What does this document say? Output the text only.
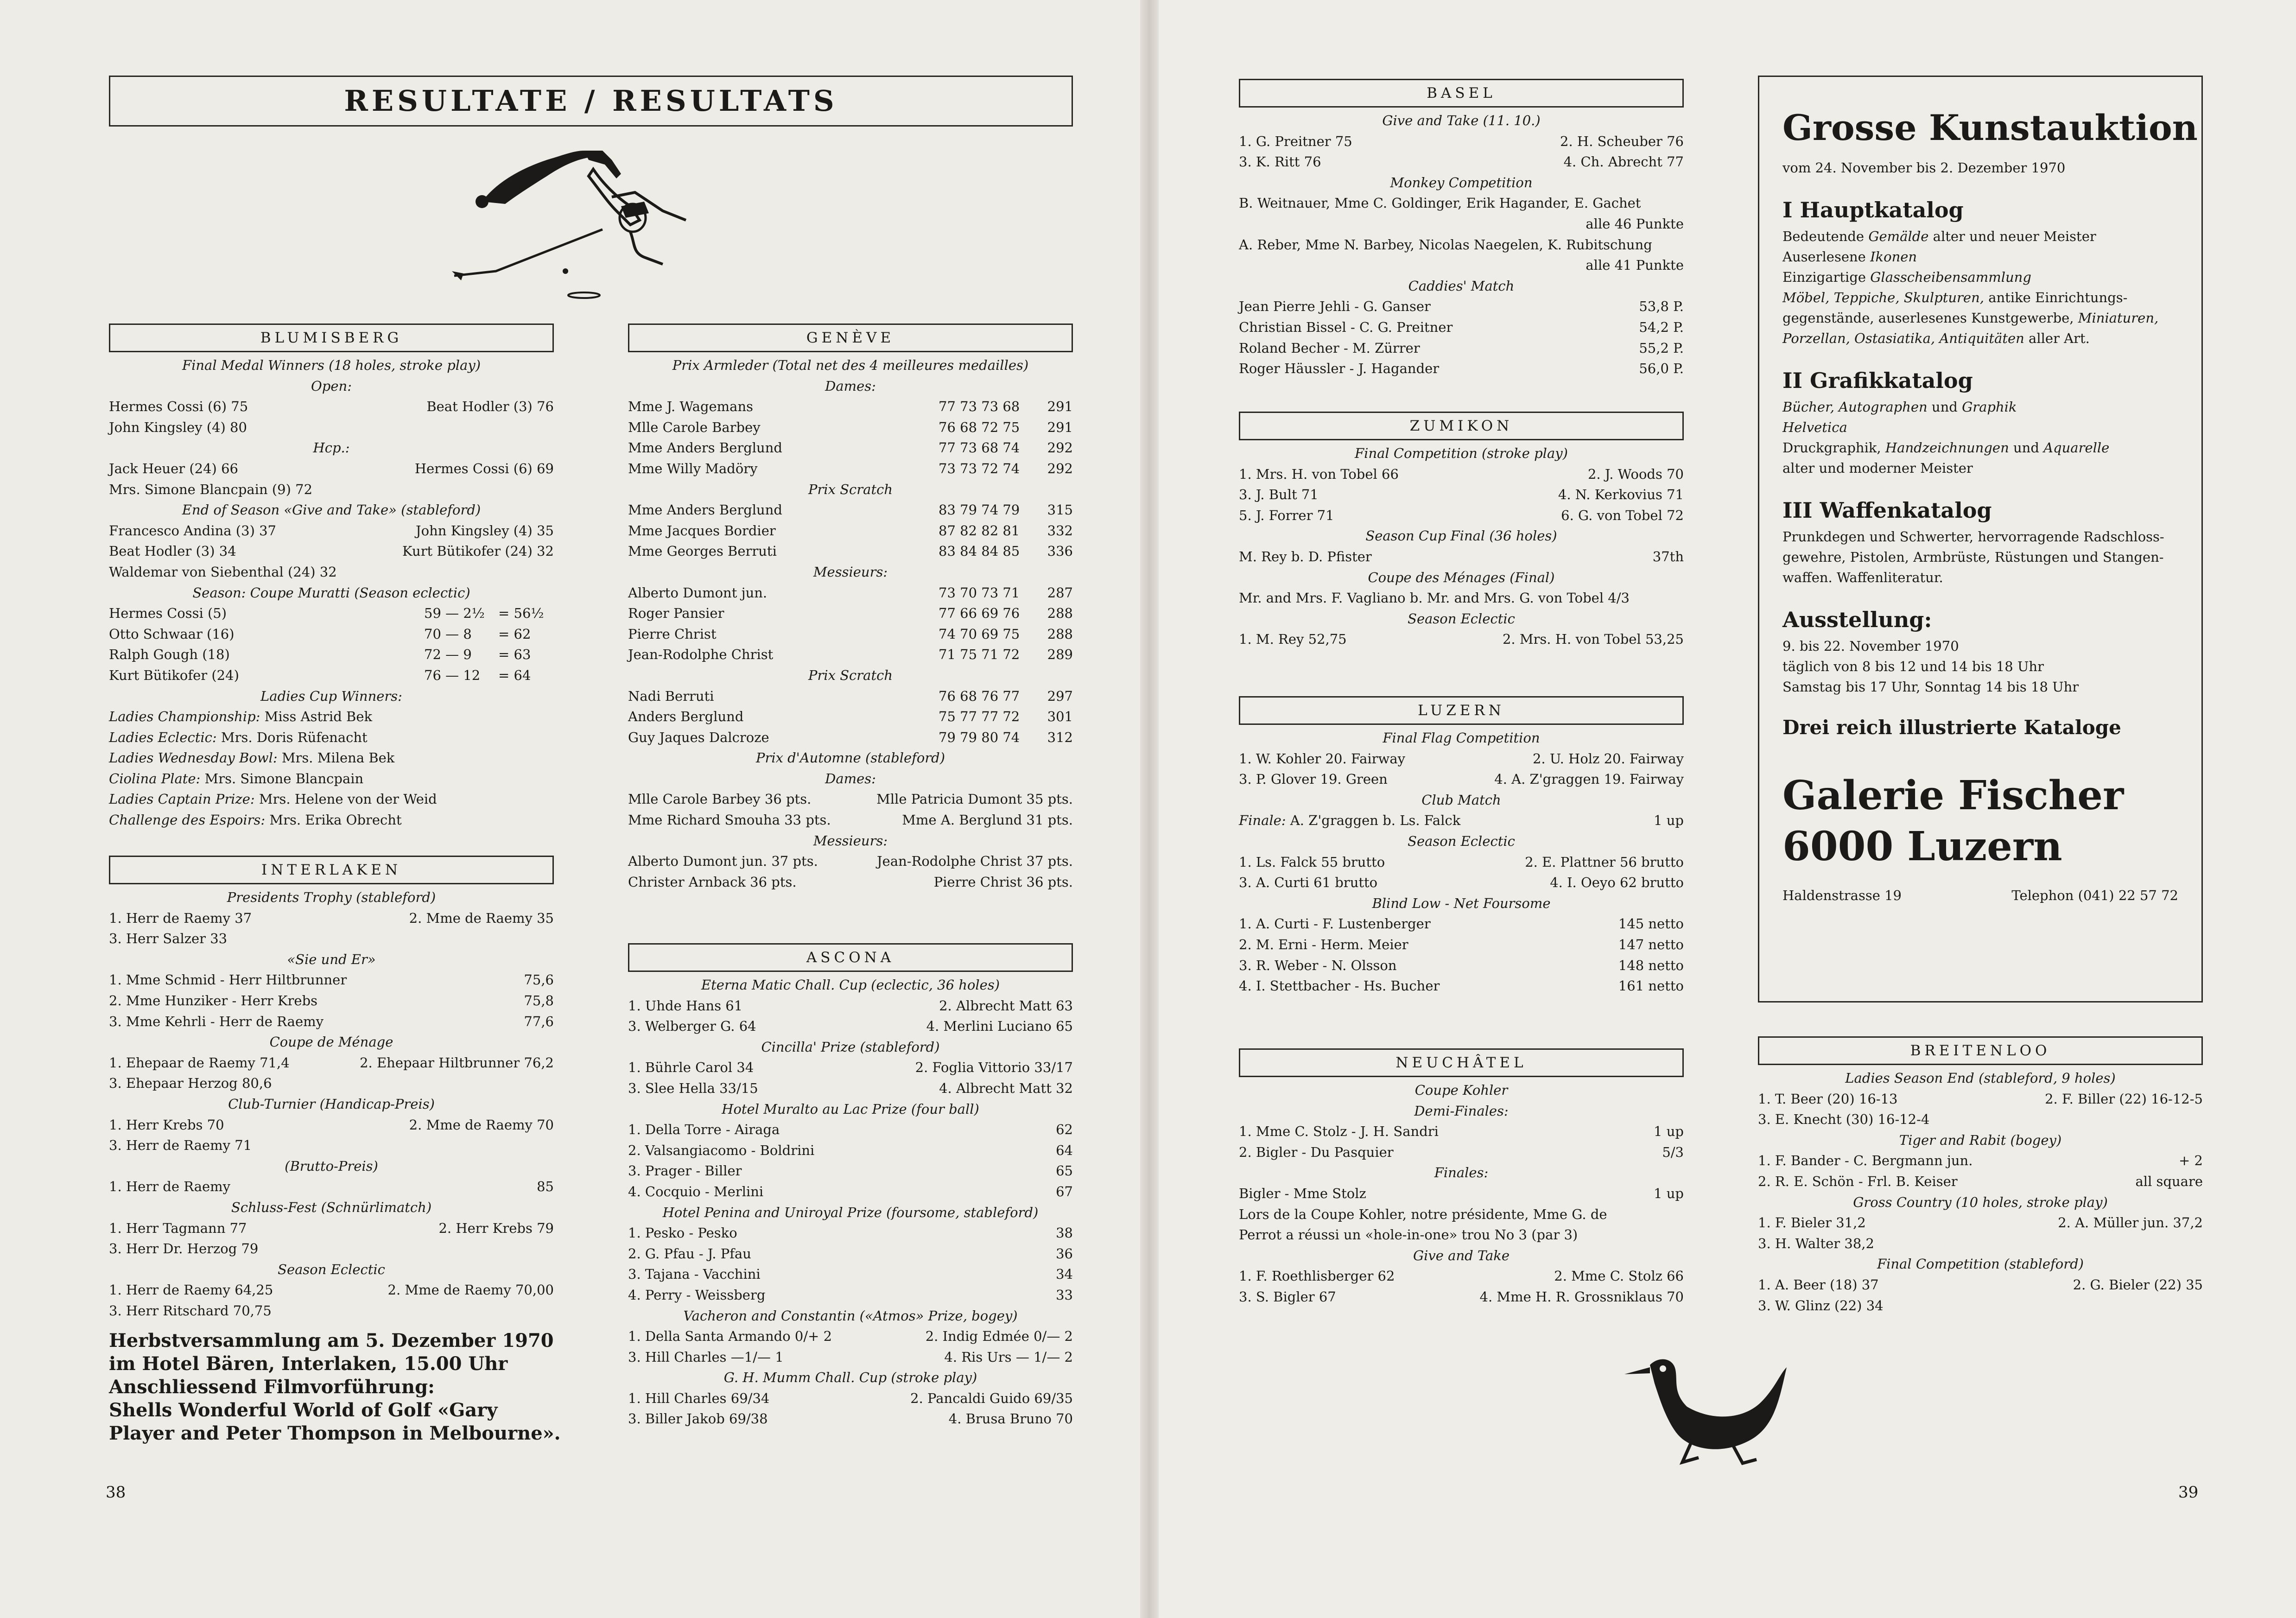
RESULTATE / RESULTATS
BLUMISBERG
Final Medal Winners (18 holes, stroke play)
Open:
Hermes Cossi (6) 75	Beat Hodler (3) 76
John Kingsley (4) 80
Hcp.:
Jack Heuer (24) 66	Hermes Cossi (6) 69
Mrs. Simone Blancpain (9) 72
End of Season «Give and Take» (stableford)
Francesco Andina (3) 37	John Kingsley (4) 35
Beat Hodler (3) 34	Kurt Bütikofer (24) 32
Waldemar von Siebenthal (24) 32
Season: Coupe Muratti (Season eclectic)
Hermes Cossi (5)	59 — 2½	= 56½
Otto Schwaar (16)	70 — 8	= 62
Ralph Gough (18)	72 — 9	= 63
Kurt Bütikofer (24)	76 — 12	= 64
Ladies Cup Winners:
Ladies Championship: Miss Astrid Bek
Ladies Eclectic: Mrs. Doris Rüfenacht
Ladies Wednesday Bowl: Mrs. Milena Bek
Ciolina Plate: Mrs. Simone Blancpain
Ladies Captain Prize: Mrs. Helene von der Weid
Challenge des Espoirs: Mrs. Erika Obrecht
INTERLAKEN
Presidents Trophy (stableford)
1. Herr de Raemy 37	2. Mme de Raemy 35
3. Herr Salzer 33
«Sie und Er»
1. Mme Schmid - Herr Hiltbrunner	75,6
2. Mme Hunziker - Herr Krebs	75,8
3. Mme Kehrli - Herr de Raemy	77,6
Coupe de Ménage
1. Ehepaar de Raemy 71,4	2. Ehepaar Hiltbrunner 76,2
3. Ehepaar Herzog 80,6
Club-Turnier (Handicap-Preis)
1. Herr Krebs 70	2. Mme de Raemy 70
3. Herr de Raemy 71
(Brutto-Preis)
1. Herr de Raemy	85
Schluss-Fest (Schnürlimatch)
1. Herr Tagmann 77	2. Herr Krebs 79
3. Herr Dr. Herzog 79
Season Eclectic
1. Herr de Raemy 64,25	2. Mme de Raemy 70,00
3. Herr Ritschard 70,75
Herbstversammlung am 5. Dezember 1970
im Hotel Bären, Interlaken, 15.00 Uhr
Anschliessend Filmvorführung:
Shells Wonderful World of Golf «Gary
Player and Peter Thompson in Melbourne».
GENÈVE
Prix Armleder (Total net des 4 meilleures medailles)
Dames:
Mme J. Wagemans	77 73 73 68	291
Mlle Carole Barbey	76 68 72 75	291
Mme Anders Berglund	77 73 68 74	292
Mme Willy Madöry	73 73 72 74	292
Prix Scratch
Mme Anders Berglund	83 79 74 79	315
Mme Jacques Bordier	87 82 82 81	332
Mme Georges Berruti	83 84 84 85	336
Messieurs:
Alberto Dumont jun.	73 70 73 71	287
Roger Pansier	77 66 69 76	288
Pierre Christ	74 70 69 75	288
Jean-Rodolphe Christ	71 75 71 72	289
Prix Scratch
Nadi Berruti	76 68 76 77	297
Anders Berglund	75 77 77 72	301
Guy Jaques Dalcroze	79 79 80 74	312
Prix d'Automne (stableford)
Dames:
Mlle Carole Barbey 36 pts.	Mlle Patricia Dumont 35 pts.
Mme Richard Smouha 33 pts.	Mme A. Berglund 31 pts.
Messieurs:
Alberto Dumont jun. 37 pts.	Jean-Rodolphe Christ 37 pts.
Christer Arnback 36 pts.	Pierre Christ 36 pts.
ASCONA
Eterna Matic Chall. Cup (eclectic, 36 holes)
1. Uhde Hans 61	2. Albrecht Matt 63
3. Welberger G. 64	4. Merlini Luciano 65
Cincilla' Prize (stableford)
1. Bührle Carol 34	2. Foglia Vittorio 33/17
3. Slee Hella 33/15	4. Albrecht Matt 32
Hotel Muralto au Lac Prize (four ball)
1. Della Torre - Airaga	62
2. Valsangiacomo - Boldrini	64
3. Prager - Biller	65
4. Cocquio - Merlini	67
Hotel Penina and Uniroyal Prize (foursome, stableford)
1. Pesko - Pesko	38
2. G. Pfau - J. Pfau	36
3. Tajana - Vacchini	34
4. Perry - Weissberg	33
Vacheron and Constantin («Atmos» Prize, bogey)
1. Della Santa Armando 0/+ 2	2. Indig Edmée 0/— 2
3. Hill Charles —1/— 1	4. Ris Urs — 1/— 2
G. H. Mumm Chall. Cup (stroke play)
1. Hill Charles 69/34	2. Pancaldi Guido 69/35
3. Biller Jakob 69/38	4. Brusa Bruno 70
38
BASEL
Give and Take (11. 10.)
1. G. Preitner 75	2. H. Scheuber 76
3. K. Ritt 76	4. Ch. Abrecht 77
Monkey Competition
B. Weitnauer, Mme C. Goldinger, Erik Hagander, E. Gachet
alle 46 Punkte
A. Reber, Mme N. Barbey, Nicolas Naegelen, K. Rubitschung
alle 41 Punkte
Caddies' Match
Jean Pierre Jehli - G. Ganser	53,8 P.
Christian Bissel - C. G. Preitner	54,2 P.
Roland Becher - M. Zürrer	55,2 P.
Roger Häussler - J. Hagander	56,0 P.
ZUMIKON
Final Competition (stroke play)
1. Mrs. H. von Tobel 66	2. J. Woods 70
3. J. Bult 71	4. N. Kerkovius 71
5. J. Forrer 71	6. G. von Tobel 72
Season Cup Final (36 holes)
M. Rey b. D. Pfister	37th
Coupe des Ménages (Final)
Mr. and Mrs. F. Vagliano b. Mr. and Mrs. G. von Tobel 4/3
Season Eclectic
1. M. Rey 52,75	2. Mrs. H. von Tobel 53,25
LUZERN
Final Flag Competition
1. W. Kohler 20. Fairway	2. U. Holz 20. Fairway
3. P. Glover 19. Green	4. A. Z'graggen 19. Fairway
Club Match
Finale: A. Z'graggen b. Ls. Falck	1 up
Season Eclectic
1. Ls. Falck 55 brutto	2. E. Plattner 56 brutto
3. A. Curti 61 brutto	4. I. Oeyo 62 brutto
Blind Low - Net Foursome
1. A. Curti - F. Lustenberger	145 netto
2. M. Erni - Herm. Meier	147 netto
3. R. Weber - N. Olsson	148 netto
4. I. Stettbacher - Hs. Bucher	161 netto
NEUCHÂTEL
Coupe Kohler
Demi-Finales:
1. Mme C. Stolz - J. H. Sandri	1 up
2. Bigler - Du Pasquier	5/3
Finales:
Bigler - Mme Stolz	1 up
Lors de la Coupe Kohler, notre présidente, Mme G. de
Perrot a réussi un «hole-in-one» trou No 3 (par 3)
Give and Take
1. F. Roethlisberger 62	2. Mme C. Stolz 66
3. S. Bigler 67	4. Mme H. R. Grossniklaus 70
Grosse Kunstauktion
vom 24. November bis 2. Dezember 1970
I Hauptkatalog
Bedeutende Gemälde alter und neuer Meister
Auserlesene Ikonen
Einzigartige Glasscheibensammlung
Möbel, Teppiche, Skulpturen, antike Einrichtungs-
gegenstände, auserlesenes Kunstgewerbe, Miniaturen,
Porzellan, Ostasiatika, Antiquitäten aller Art.
II Grafikkatalog
Bücher, Autographen und Graphik
Helvetica
Druckgraphik, Handzeichnungen und Aquarelle
alter und moderner Meister
III Waffenkatalog
Prunkdegen und Schwerter, hervorragende Radschloss-
gewehre, Pistolen, Armbrüste, Rüstungen und Stangen-
waffen. Waffenliteratur.
Ausstellung:
9. bis 22. November 1970
täglich von 8 bis 12 und 14 bis 18 Uhr
Samstag bis 17 Uhr, Sonntag 14 bis 18 Uhr
Drei reich illustrierte Kataloge
Galerie Fischer
6000 Luzern
Haldenstrasse 19	Telephon (041) 22 57 72
BREITENLOO
Ladies Season End (stableford, 9 holes)
1. T. Beer (20) 16-13	2. F. Biller (22) 16-12-5
3. E. Knecht (30) 16-12-4
Tiger and Rabit (bogey)
1. F. Bander - C. Bergmann jun.	+ 2
2. R. E. Schön - Frl. B. Keiser	all square
Gross Country (10 holes, stroke play)
1. F. Bieler 31,2	2. A. Müller jun. 37,2
3. H. Walter 38,2
Final Competition (stableford)
1. A. Beer (18) 37	2. G. Bieler (22) 35
3. W. Glinz (22) 34
39
